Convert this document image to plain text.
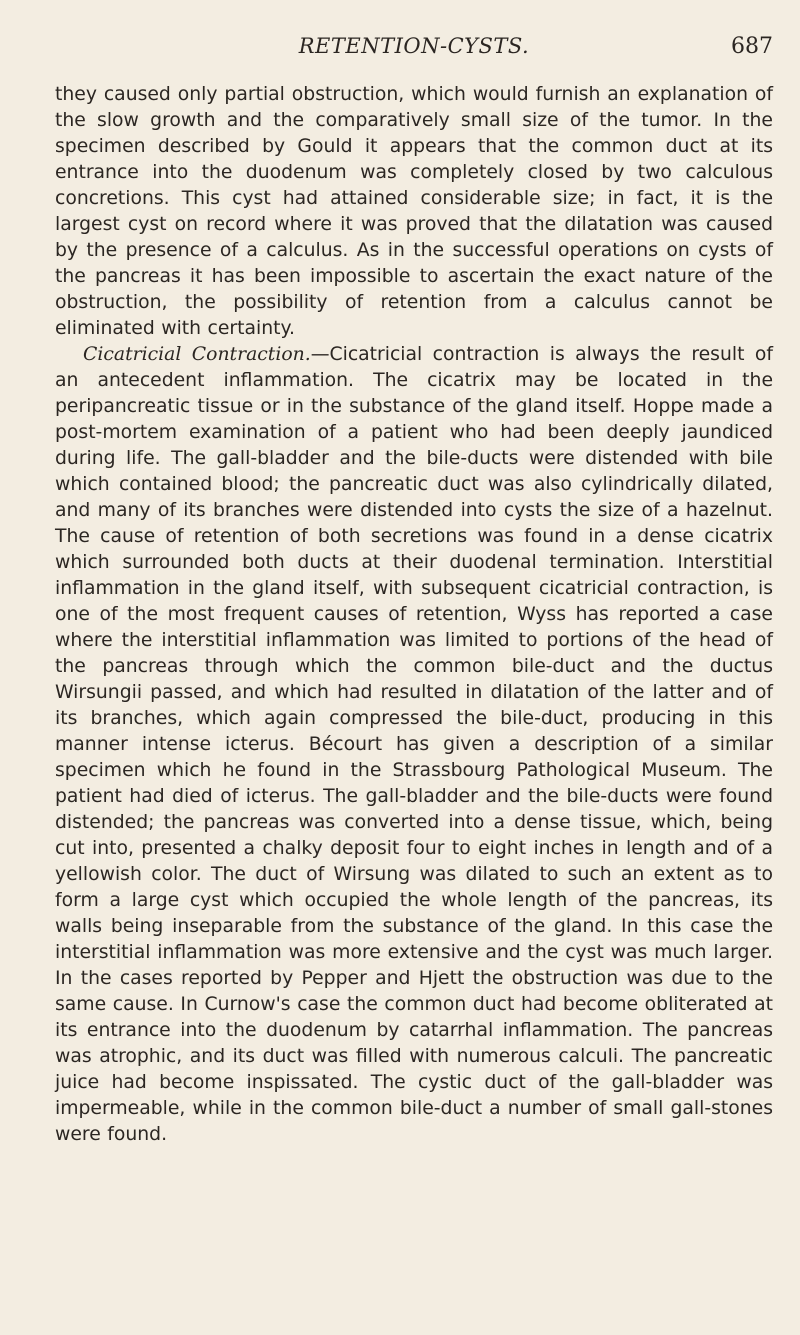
RETENTION-CYSTS.	687

they caused only partial obstruction, which would furnish an explanation of the slow growth and the comparatively small size of the tumor. In the specimen described by Gould it appears that the common duct at its entrance into the duodenum was completely closed by two calculous concretions. This cyst had attained considerable size; in fact, it is the largest cyst on record where it was proved that the dilatation was caused by the presence of a calculus. As in the successful operations on cysts of the pancreas it has been impossible to ascertain the exact nature of the obstruction, the possibility of retention from a calculus cannot be eliminated with certainty.

Cicatricial Contraction.—Cicatricial contraction is always the result of an antecedent inflammation. The cicatrix may be located in the peripancreatic tissue or in the substance of the gland itself. Hoppe made a post-mortem examination of a patient who had been deeply jaundiced during life. The gall-bladder and the bile-ducts were distended with bile which contained blood; the pancreatic duct was also cylindrically dilated, and many of its branches were distended into cysts the size of a hazelnut. The cause of retention of both secretions was found in a dense cicatrix which surrounded both ducts at their duodenal termination. Interstitial inflammation in the gland itself, with subsequent cicatricial contraction, is one of the most frequent causes of retention, Wyss has reported a case where the interstitial inflammation was limited to portions of the head of the pancreas through which the common bile-duct and the ductus Wirsungii passed, and which had resulted in dilatation of the latter and of its branches, which again compressed the bile-duct, producing in this manner intense icterus. Bécourt has given a description of a similar specimen which he found in the Strassbourg Pathological Museum. The patient had died of icterus. The gall-bladder and the bile-ducts were found distended; the pancreas was converted into a dense tissue, which, being cut into, presented a chalky deposit four to eight inches in length and of a yellowish color. The duct of Wirsung was dilated to such an extent as to form a large cyst which occupied the whole length of the pancreas, its walls being inseparable from the substance of the gland. In this case the interstitial inflammation was more extensive and the cyst was much larger. In the cases reported by Pepper and Hjett the obstruction was due to the same cause. In Curnow's case the common duct had become obliterated at its entrance into the duodenum by catarrhal inflammation. The pancreas was atrophic, and its duct was filled with numerous calculi. The pancreatic juice had become inspissated. The cystic duct of the gall-bladder was impermeable, while in the common bile-duct a number of small gall-stones were found.
